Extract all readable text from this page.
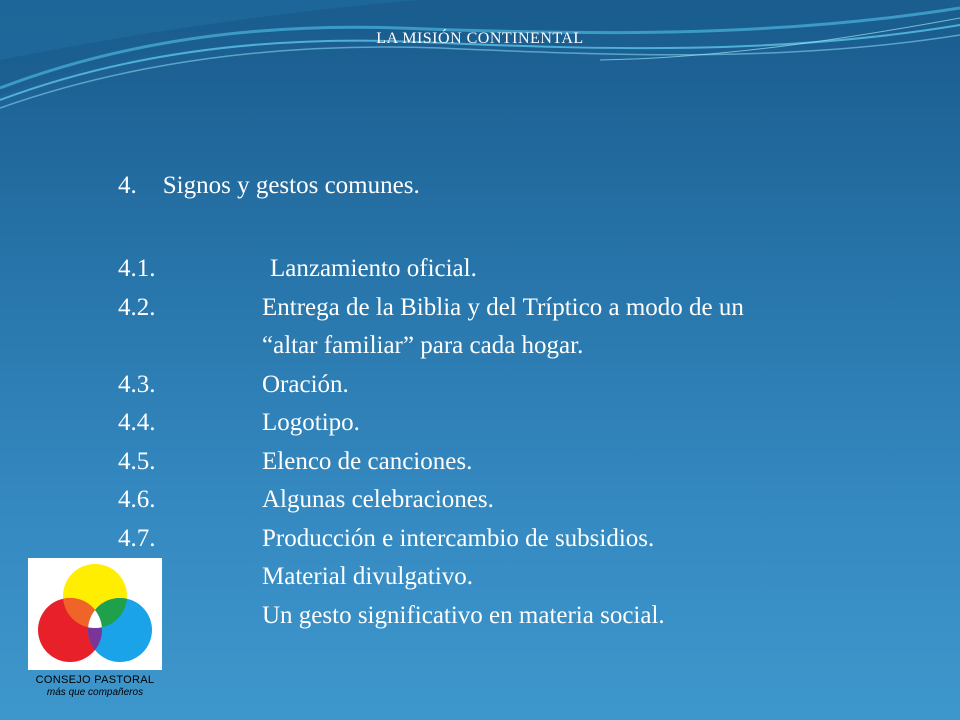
LA MISIÓN CONTINENTAL
4. Signos y gestos comunes.
4.1.	Lanzamiento oficial.
4.2.	Entrega de la Biblia y del Tríptico a modo de un
“altar familiar” para cada hogar.
4.3.	Oración.
4.4.	Logotipo.
4.5.	Elenco de canciones.
4.6.	Algunas celebraciones.
4.7.	Producción e intercambio de subsidios.
Material divulgativo.
Un gesto significativo en materia social.
CONSEJO PASTORAL
más que compañeros
